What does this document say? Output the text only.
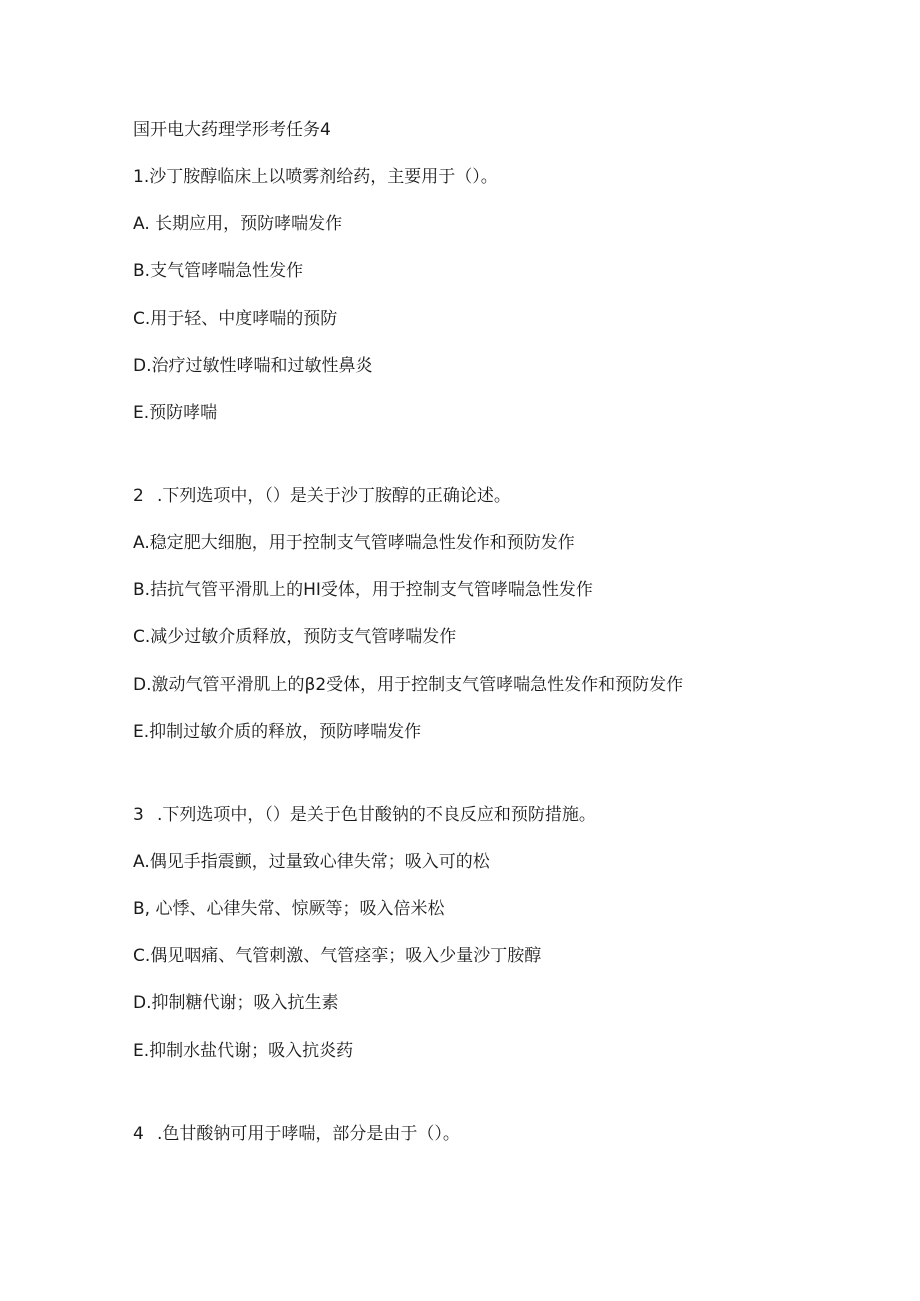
国开电大药理学形考任务4
1.沙丁胺醇临床上以喷雾剂给药，主要用于（）。
A. 长期应用，预防哮喘发作
B.支气管哮喘急性发作
C.用于轻、中度哮喘的预防
D.治疗过敏性哮喘和过敏性鼻炎
E.预防哮喘
2 .下列选项中，（）是关于沙丁胺醇的正确论述。
A.稳定肥大细胞，用于控制支气管哮喘急性发作和预防发作
B.拮抗气管平滑肌上的HI受体，用于控制支气管哮喘急性发作
C.减少过敏介质释放，预防支气管哮喘发作
D.激动气管平滑肌上的β2受体，用于控制支气管哮喘急性发作和预防发作
E.抑制过敏介质的释放，预防哮喘发作
3 .下列选项中，（）是关于色甘酸钠的不良反应和预防措施。
A.偶见手指震颤，过量致心律失常；吸入可的松
B, 心悸、心律失常、惊厥等；吸入倍米松
C.偶见咽痛、气管刺激、气管痉挛；吸入少量沙丁胺醇
D.抑制糖代谢；吸入抗生素
E.抑制水盐代谢；吸入抗炎药
4 .色甘酸钠可用于哮喘，部分是由于（）。
